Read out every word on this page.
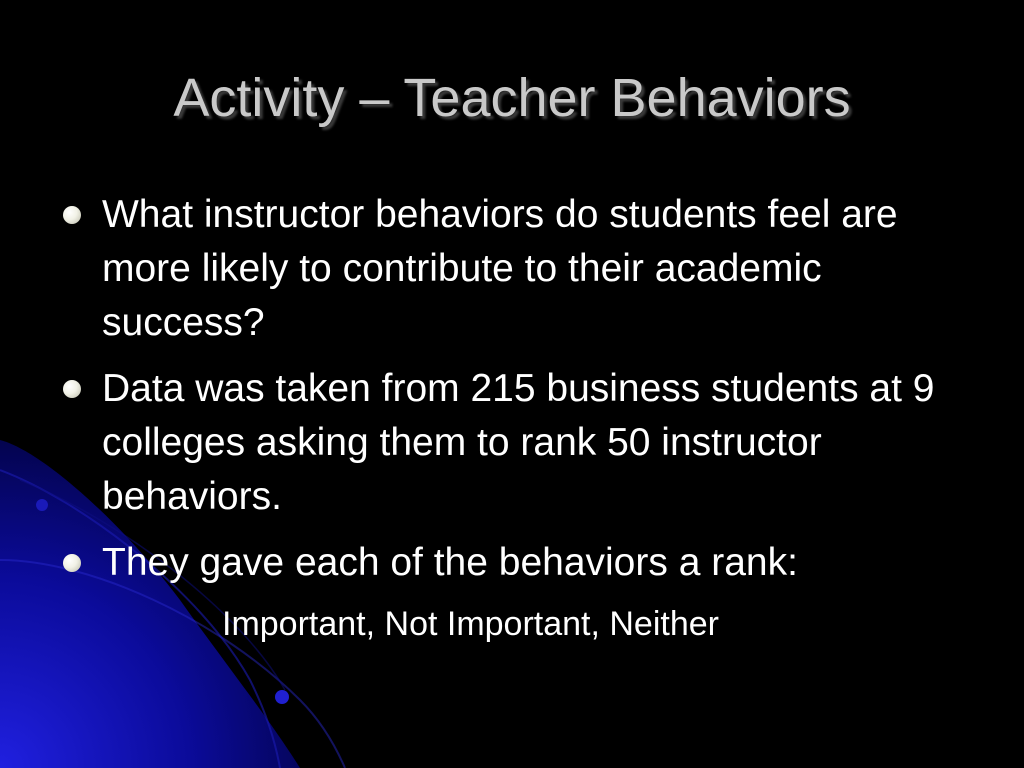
Activity – Teacher Behaviors
What instructor behaviors do students feel are more likely to contribute to their academic success?
Data was taken from 215 business students at 9 colleges asking them to rank 50 instructor behaviors.
They gave each of the behaviors a rank:
Important, Not Important, Neither
